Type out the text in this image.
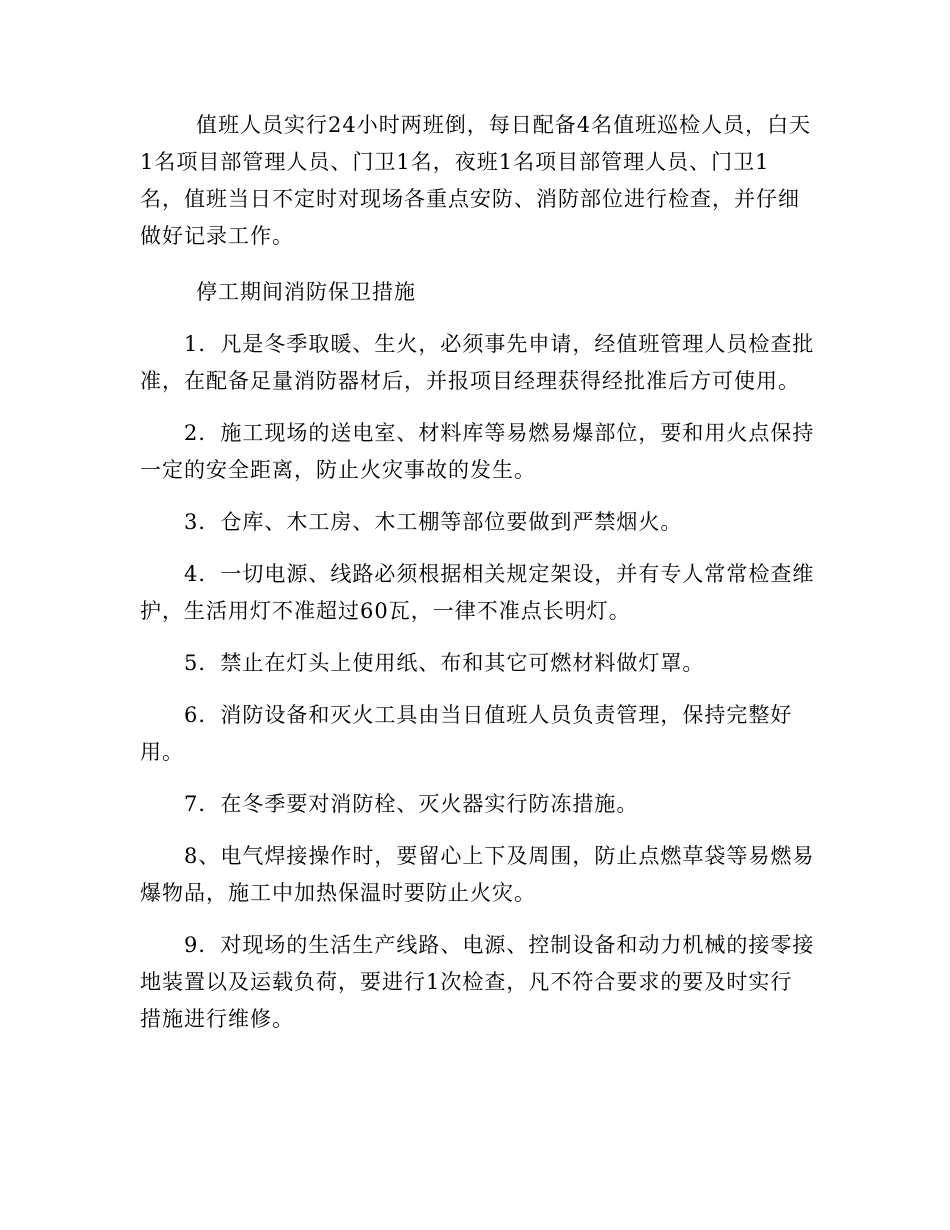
值班人员实行24小时两班倒，每日配备4名值班巡检人员，白天
1名项目部管理人员、门卫1名，夜班1名项目部管理人员、门卫1
名，值班当日不定时对现场各重点安防、消防部位进行检查，并仔细
做好记录工作。
停工期间消防保卫措施
1．凡是冬季取暖、生火，必须事先申请，经值班管理人员检查批
准，在配备足量消防器材后，并报项目经理获得经批准后方可使用。
2．施工现场的送电室、材料库等易燃易爆部位，要和用火点保持
一定的安全距离，防止火灾事故的发生。
3．仓库、木工房、木工棚等部位要做到严禁烟火。
4．一切电源、线路必须根据相关规定架设，并有专人常常检查维
护，生活用灯不准超过60瓦，一律不准点长明灯。
5．禁止在灯头上使用纸、布和其它可燃材料做灯罩。
6．消防设备和灭火工具由当日值班人员负责管理，保持完整好
用。
7．在冬季要对消防栓、灭火器实行防冻措施。
8、电气焊接操作时，要留心上下及周围，防止点燃草袋等易燃易
爆物品，施工中加热保温时要防止火灾。
9．对现场的生活生产线路、电源、控制设备和动力机械的接零接
地装置以及运载负荷，要进行1次检查，凡不符合要求的要及时实行
措施进行维修。
